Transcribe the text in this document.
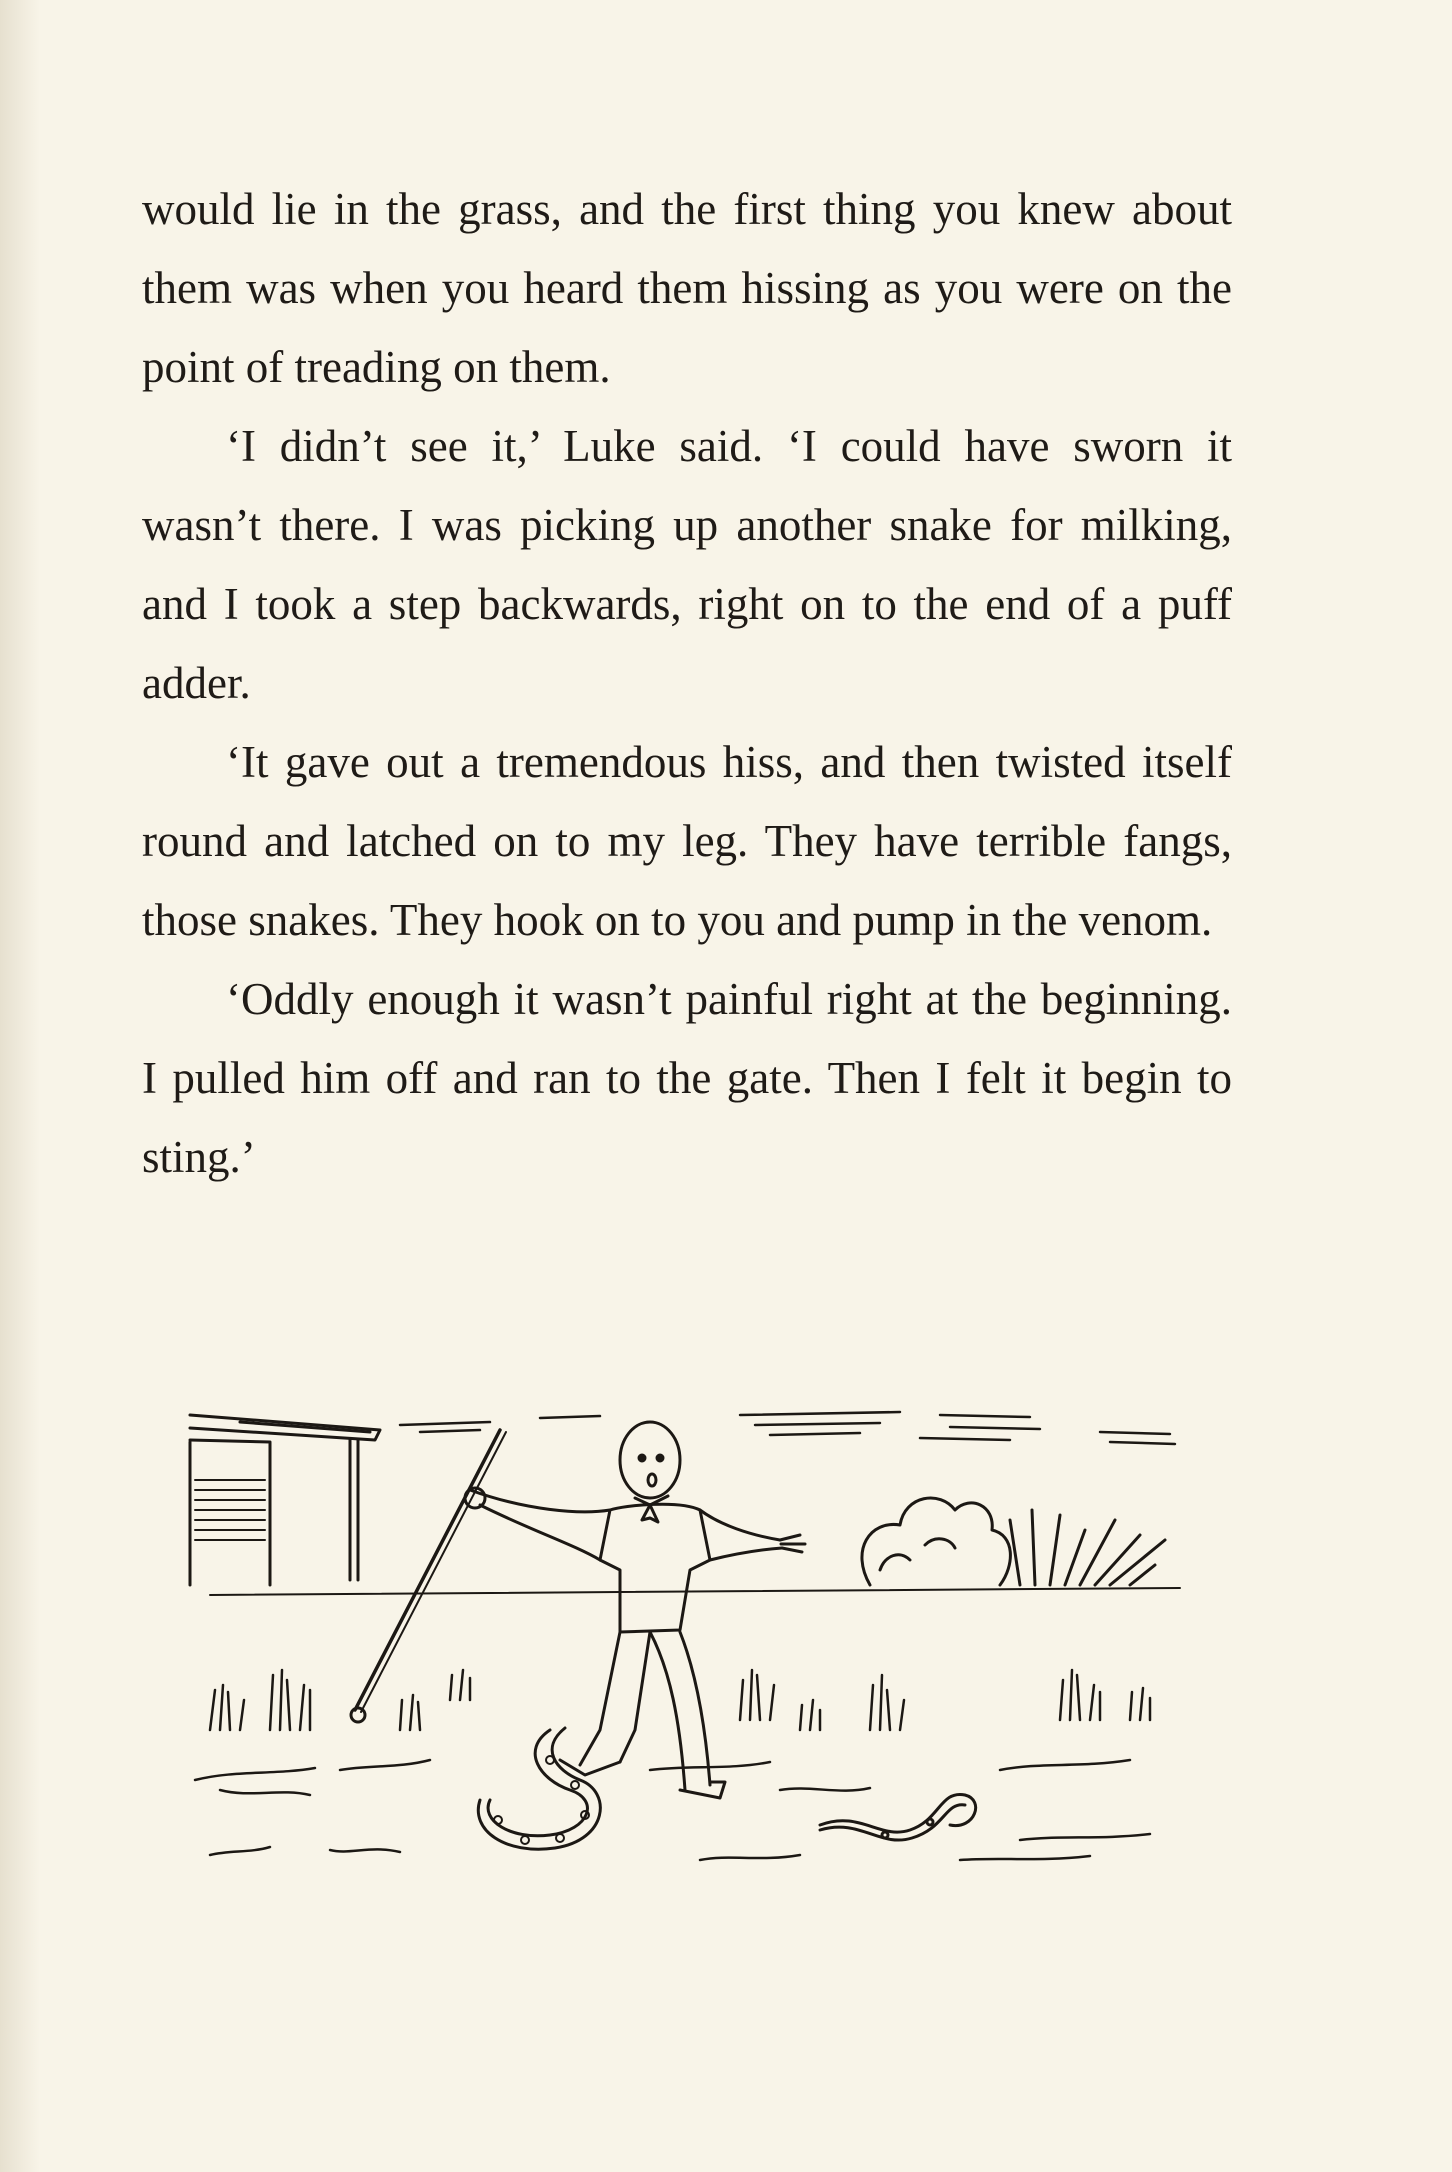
would lie in the grass, and the first thing you knew about them was when you heard them hissing as you were on the point of treading on them.

‘I didn’t see it,’ Luke said. ‘I could have sworn it wasn’t there. I was picking up another snake for milking, and I took a step backwards, right on to the end of a puff adder.

‘It gave out a tremendous hiss, and then twisted itself round and latched on to my leg. They have terrible fangs, those snakes. They hook on to you and pump in the venom.

‘Oddly enough it wasn’t painful right at the beginning. I pulled him off and ran to the gate. Then I felt it begin to sting.’
